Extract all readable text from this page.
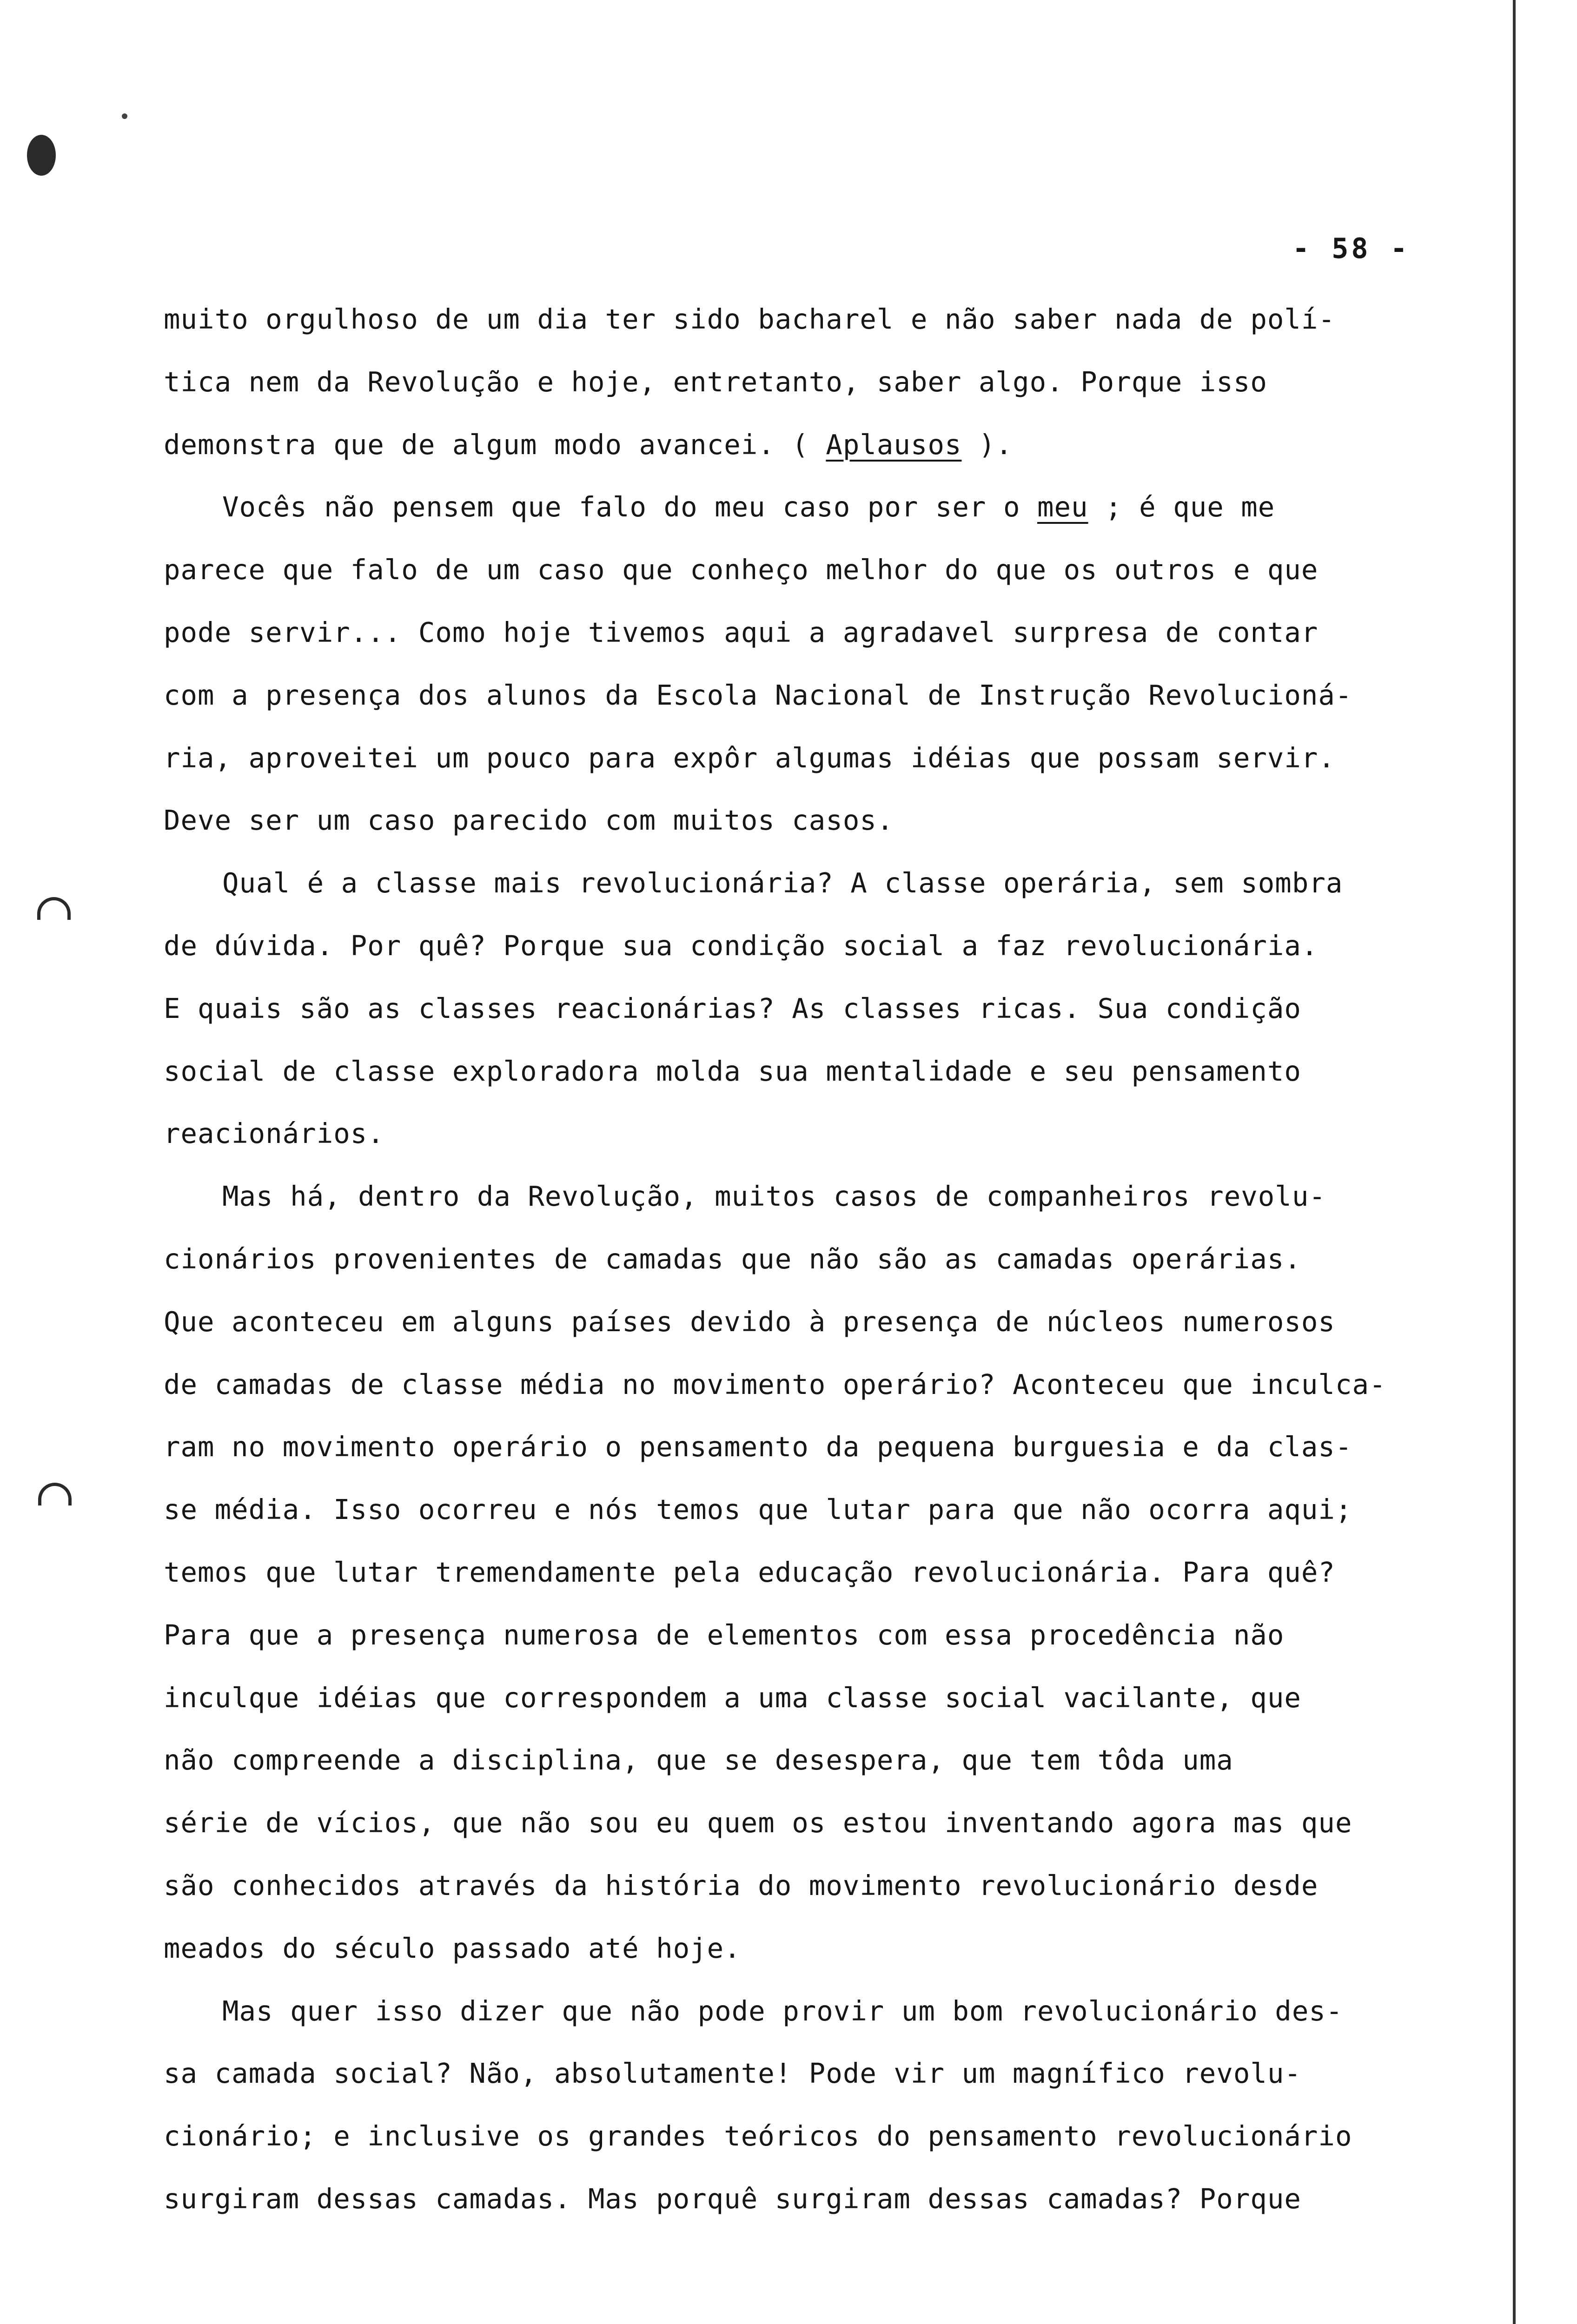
- 58 -
muito orgulhoso de um dia ter sido bacharel e não saber nada de polí-
tica nem da Revolução e hoje, entretanto, saber algo. Porque isso
demonstra que de algum modo avancei. ( Aplausos ).
Vocês não pensem que falo do meu caso por ser o meu ; é que me
parece que falo de um caso que conheço melhor do que os outros e que
pode servir... Como hoje tivemos aqui a agradavel surpresa de contar
com a presença dos alunos da Escola Nacional de Instrução Revolucioná-
ria, aproveitei um pouco para expôr algumas idéias que possam servir.
Deve ser um caso parecido com muitos casos.
Qual é a classe mais revolucionária? A classe operária, sem sombra
de dúvida. Por quê? Porque sua condição social a faz revolucionária.
E quais são as classes reacionárias? As classes ricas. Sua condição
social de classe exploradora molda sua mentalidade e seu pensamento
reacionários.
Mas há, dentro da Revolução, muitos casos de companheiros revolu-
cionários provenientes de camadas que não são as camadas operárias.
Que aconteceu em alguns países devido à presença de núcleos numerosos
de camadas de classe média no movimento operário? Aconteceu que inculca-
ram no movimento operário o pensamento da pequena burguesia e da clas-
se média. Isso ocorreu e nós temos que lutar para que não ocorra aqui;
temos que lutar tremendamente pela educação revolucionária. Para quê?
Para que a presença numerosa de elementos com essa procedência não
inculque idéias que correspondem a uma classe social vacilante, que
não compreende a disciplina, que se desespera, que tem tôda uma
série de vícios, que não sou eu quem os estou inventando agora mas que
são conhecidos através da história do movimento revolucionário desde
meados do século passado até hoje.
Mas quer isso dizer que não pode provir um bom revolucionário des-
sa camada social? Não, absolutamente! Pode vir um magnífico revolu-
cionário; e inclusive os grandes teóricos do pensamento revolucionário
surgiram dessas camadas. Mas porquê surgiram dessas camadas? Porque
